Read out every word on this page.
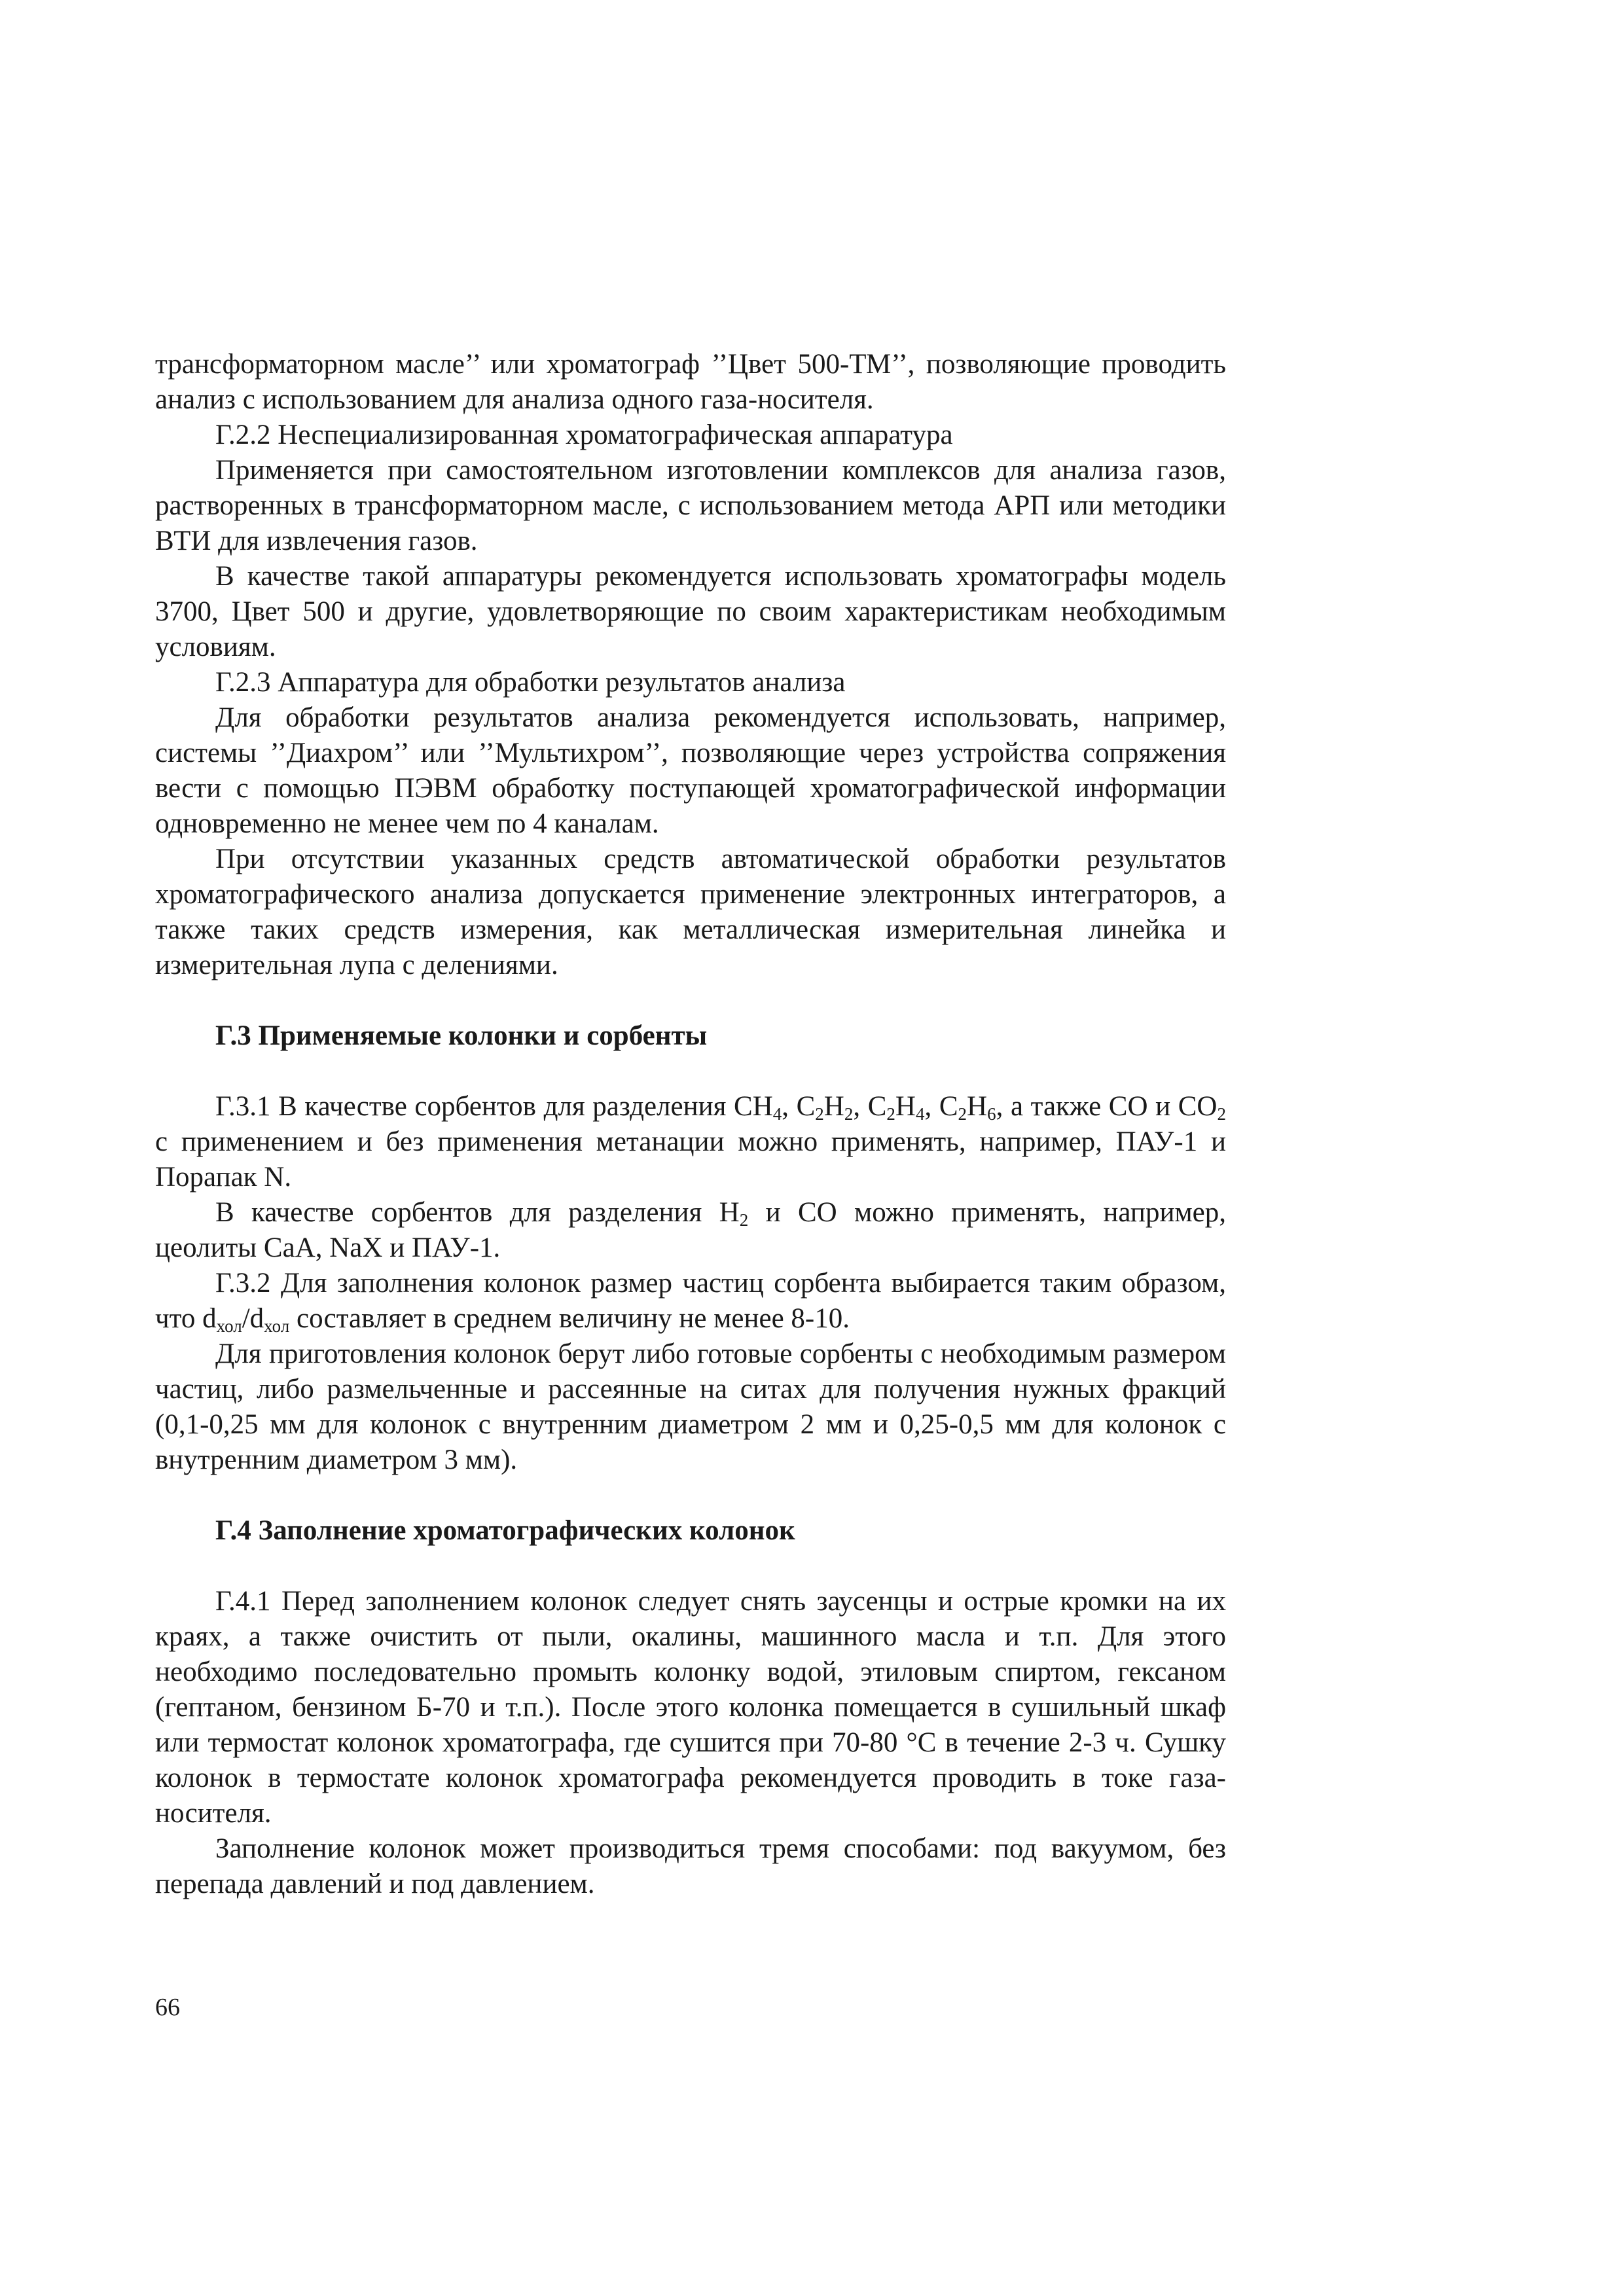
трансформаторном масле’’ или хроматограф ’’Цвет 500-ТМ’’, позволяющие проводить анализ с использованием для анализа одного газа-носителя.

Г.2.2 Неспециализированная хроматографическая аппаратура

Применяется при самостоятельном изготовлении комплексов для анализа газов, растворенных в трансформаторном масле, с использованием метода АРП или методики ВТИ для извлечения газов.

В качестве такой аппаратуры рекомендуется использовать хроматографы модель 3700, Цвет 500 и другие, удовлетворяющие по своим характеристикам необходимым условиям.

Г.2.3 Аппаратура для обработки результатов анализа

Для обработки результатов анализа рекомендуется использовать, например, системы ’’Диахром’’ или ’’Мультихром’’, позволяющие через устройства сопряжения вести с помощью ПЭВМ обработку поступающей хроматографической информации одновременно не менее чем по 4 каналам.

При отсутствии указанных средств автоматической обработки результатов хроматографического анализа допускается применение электронных интеграторов, а также таких средств измерения, как металлическая измерительная линейка и измерительная лупа с делениями.

Г.3 Применяемые колонки и сорбенты

Г.3.1 В качестве сорбентов для разделения $СН_4$, $С_2Н_2$, $С_2Н_4$, $С_2Н_6$, а также СО и $СО_2$ с применением и без применения метанации можно применять, например, ПАУ-1 и Порапак N.

В качестве сорбентов для разделения $Н_2$ и СО можно применять, например, цеолиты СаА, NaX и ПАУ-1.

Г.3.2 Для заполнения колонок размер частиц сорбента выбирается таким образом, что $d_{хол}/d_{хол}$ составляет в среднем величину не менее 8-10.

Для приготовления колонок берут либо готовые сорбенты с необходимым размером частиц, либо размельченные и рассеянные на ситах для получения нужных фракций (0,1-0,25 мм для колонок с внутренним диаметром 2 мм и 0,25-0,5 мм для колонок с внутренним диаметром 3 мм).

Г.4 Заполнение хроматографических колонок

Г.4.1 Перед заполнением колонок следует снять заусенцы и острые кромки на их краях, а также очистить от пыли, окалины, машинного масла и т.п. Для этого необходимо последовательно промыть колонку водой, этиловым спиртом, гексаном (гептаном, бензином Б-70 и т.п.). После этого колонка помещается в сушильный шкаф или термостат колонок хроматографа, где сушится при 70-80 °С в течение 2-3 ч. Сушку колонок в термостате колонок хроматографа рекомендуется проводить в токе газа-носителя.

Заполнение колонок может производиться тремя способами: под вакуумом, без перепада давлений и под давлением.

66
